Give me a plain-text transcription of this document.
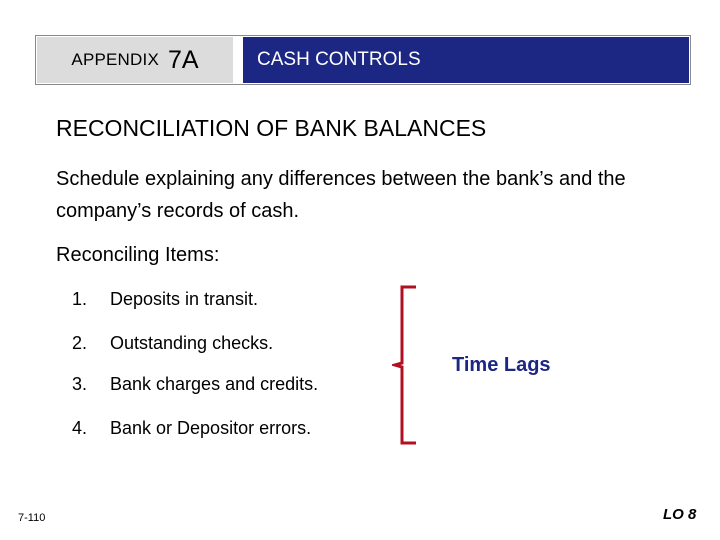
APPENDIX 7A	CASH CONTROLS
RECONCILIATION OF BANK BALANCES
Schedule explaining any differences between the bank’s and the company’s records of cash.
Reconciling Items:
1. Deposits in transit.
2. Outstanding checks.
3. Bank charges and credits.
4. Bank or Depositor errors.
Time Lags
7-110	LO 8
